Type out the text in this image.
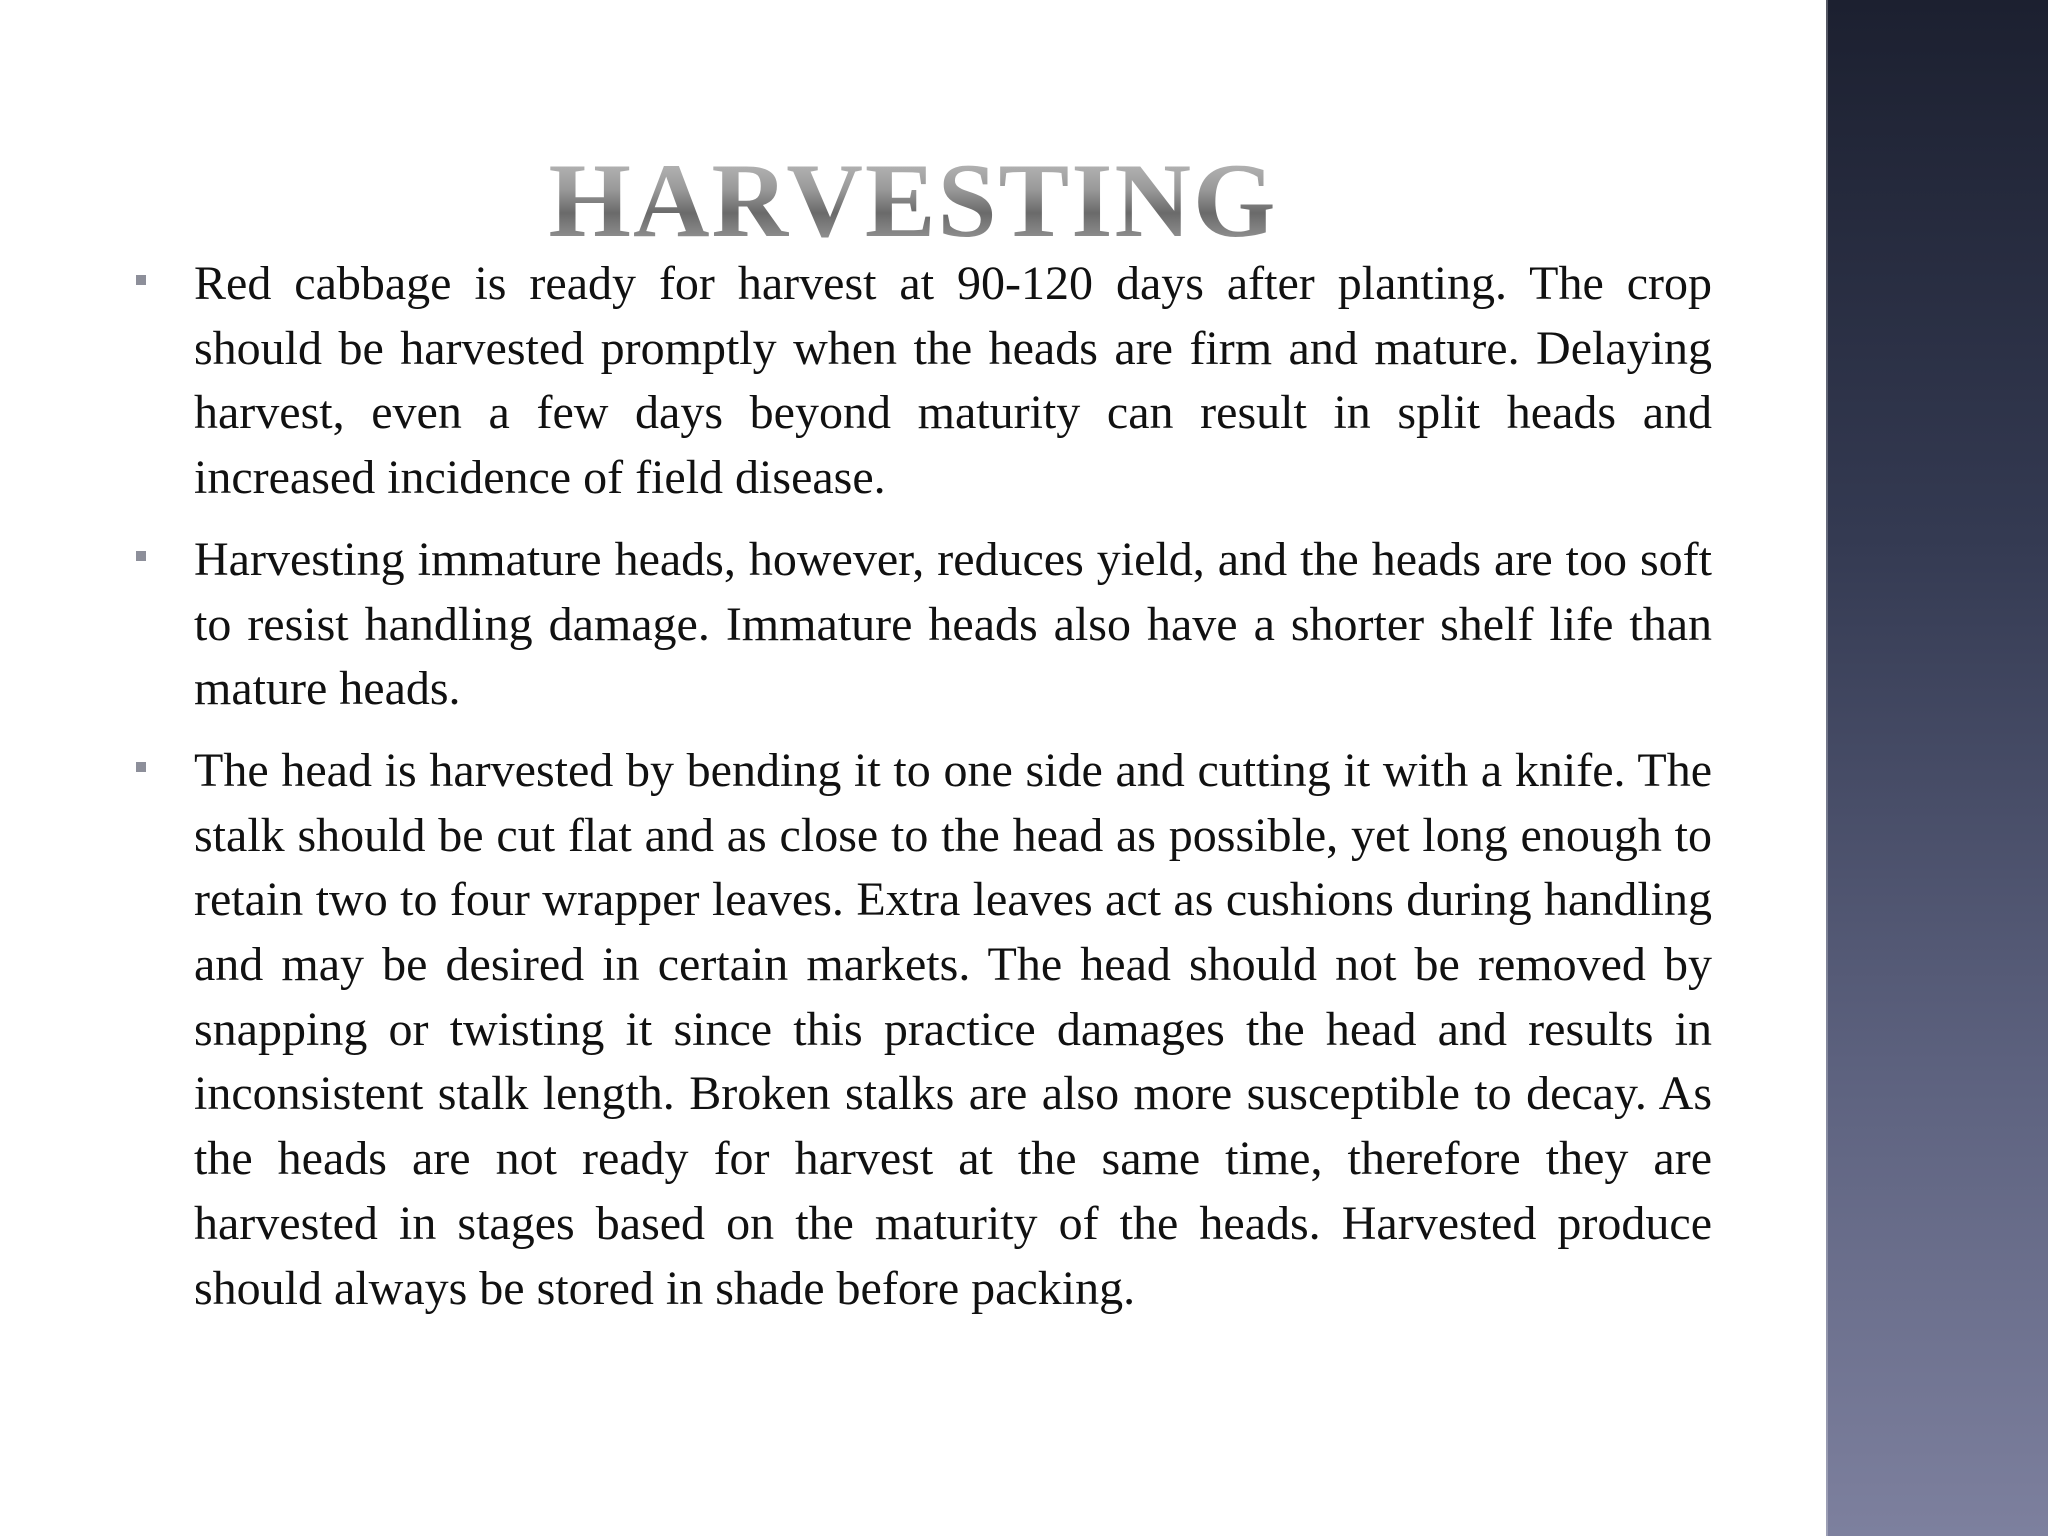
HARVESTING
Red cabbage is ready for harvest at 90-120 days after planting. The crop should be harvested promptly when the heads are firm and mature. Delaying harvest, even a few days beyond maturity can result in split heads and increased incidence of field disease.
Harvesting immature heads, however, reduces yield, and the heads are too soft to resist handling damage. Immature heads also have a shorter shelf life than mature heads.
The head is harvested by bending it to one side and cutting it with a knife. The stalk should be cut flat and as close to the head as possible, yet long enough to retain two to four wrapper leaves. Extra leaves act as cushions during handling and may be desired in certain markets. The head should not be removed by snapping or twisting it since this practice damages the head and results in inconsistent stalk length. Broken stalks are also more susceptible to decay. As the heads are not ready for harvest at the same time, therefore they are harvested in stages based on the maturity of the heads. Harvested produce should always be stored in shade before packing.
